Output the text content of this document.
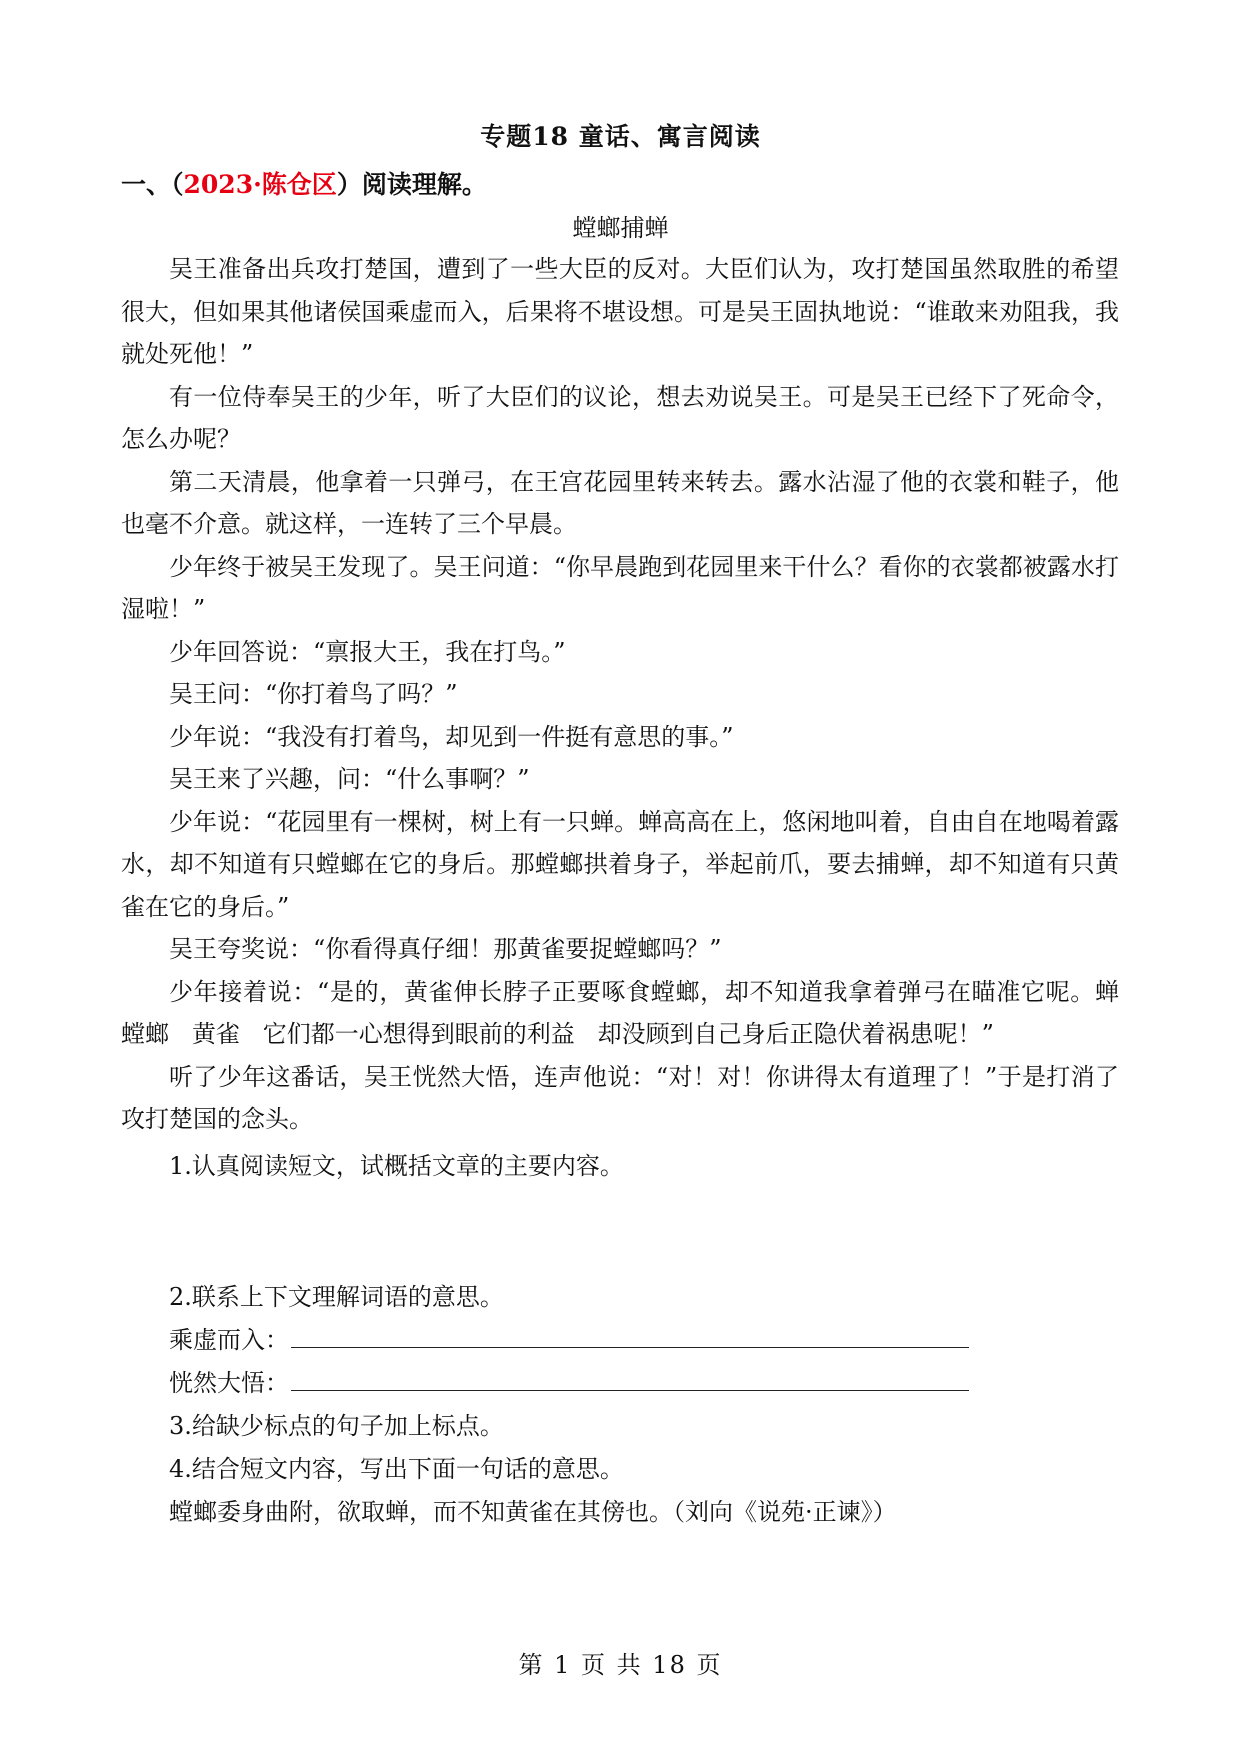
专题18 童话、寓言阅读
一、（2023·陈仓区）阅读理解。
螳螂捕蝉

吴王准备出兵攻打楚国，遭到了一些大臣的反对。大臣们认为，攻打楚国虽然取胜的希望很大，但如果其他诸侯国乘虚而入，后果将不堪设想。可是吴王固执地说：“谁敢来劝阻我，我就处死他！”

有一位侍奉吴王的少年，听了大臣们的议论，想去劝说吴王。可是吴王已经下了死命令，怎么办呢？

第二天清晨，他拿着一只弹弓，在王宫花园里转来转去。露水沾湿了他的衣裳和鞋子，他也毫不介意。就这样，一连转了三个早晨。

少年终于被吴王发现了。吴王问道：“你早晨跑到花园里来干什么？看你的衣裳都被露水打湿啦！”

少年回答说：“禀报大王，我在打鸟。”

吴王问：“你打着鸟了吗？”

少年说：“我没有打着鸟，却见到一件挺有意思的事。”

吴王来了兴趣，问：“什么事啊？”

少年说：“花园里有一棵树，树上有一只蝉。蝉高高在上，悠闲地叫着，自由自在地喝着露水，却不知道有只螳螂在它的身后。那螳螂拱着身子，举起前爪，要去捕蝉，却不知道有只黄雀在它的身后。”

吴王夸奖说：“你看得真仔细！那黄雀要捉螳螂吗？”

少年接着说：“是的，黄雀伸长脖子正要啄食螳螂，却不知道我拿着弹弓在瞄准它呢。蝉  螳螂   黄雀   它们都一心想得到眼前的利益   却没顾到自己身后正隐伏着祸患呢！”

听了少年这番话，吴王恍然大悟，连声他说：“对！对！你讲得太有道理了！”于是打消了攻打楚国的念头。

1.认真阅读短文，试概括文章的主要内容。
2.联系上下文理解词语的意思。
乘虚而入：
恍然大悟：
3.给缺少标点的句子加上标点。
4.结合短文内容，写出下面一句话的意思。
螳螂委身曲附，欲取蝉，而不知黄雀在其傍也。（刘向《说苑·正谏》）
第 1 页 共 18 页
